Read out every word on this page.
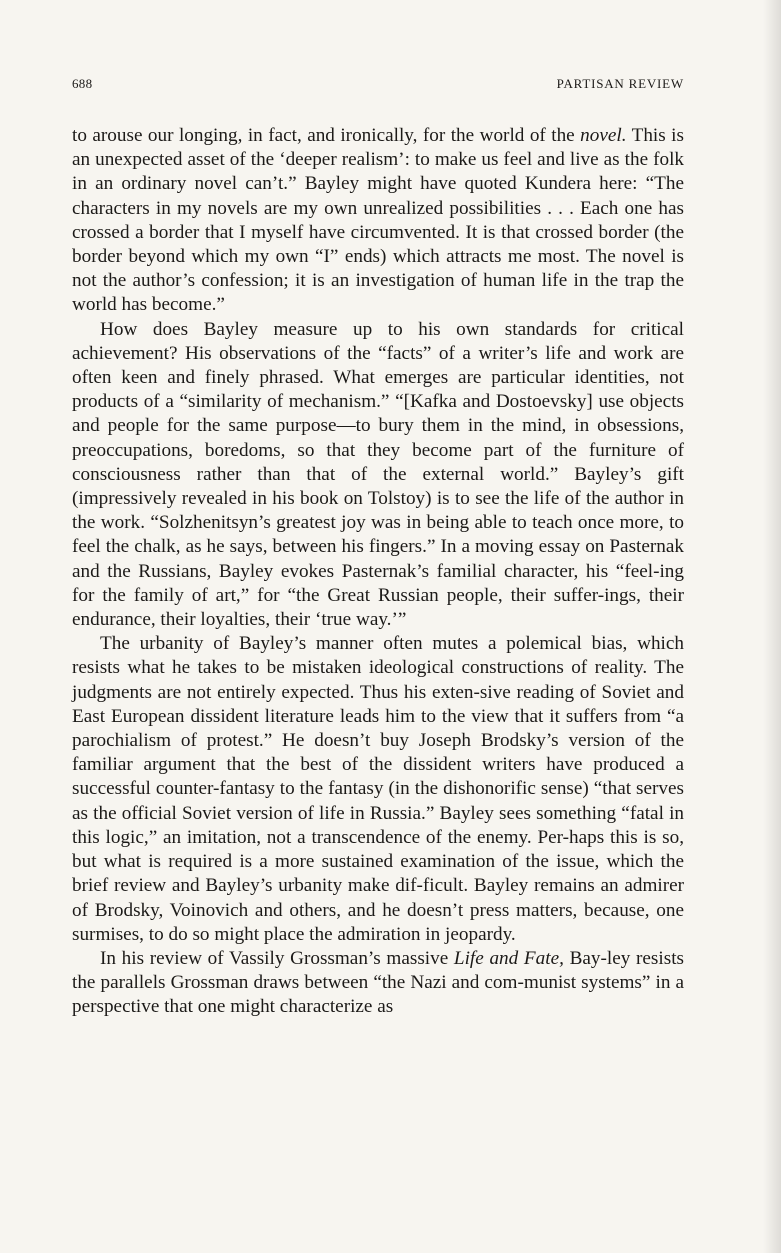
688	PARTISAN REVIEW

to arouse our longing, in fact, and ironically, for the world of the novel. This is an unexpected asset of the ‘deeper realism’: to make us feel and live as the folk in an ordinary novel can’t.” Bayley might have quoted Kundera here: “The characters in my novels are my own unrealized possibilities . . . Each one has crossed a border that I myself have circumvented. It is that crossed border (the border beyond which my own “I” ends) which attracts me most. The novel is not the author’s confession; it is an investigation of human life in the trap the world has become.”

How does Bayley measure up to his own standards for critical achievement? His observations of the “facts” of a writer’s life and work are often keen and finely phrased. What emerges are particular identities, not products of a “similarity of mechanism.” “[Kafka and Dostoevsky] use objects and people for the same purpose—to bury them in the mind, in obsessions, preoccupations, boredoms, so that they become part of the furniture of consciousness rather than that of the external world.” Bayley’s gift (impressively revealed in his book on Tolstoy) is to see the life of the author in the work. “Solzhenitsyn’s greatest joy was in being able to teach once more, to feel the chalk, as he says, between his fingers.” In a moving essay on Pasternak and the Russians, Bayley evokes Pasternak’s familial character, his “feel-ing for the family of art,” for “the Great Russian people, their suffer-ings, their endurance, their loyalties, their ‘true way.’”

The urbanity of Bayley’s manner often mutes a polemical bias, which resists what he takes to be mistaken ideological constructions of reality. The judgments are not entirely expected. Thus his exten-sive reading of Soviet and East European dissident literature leads him to the view that it suffers from “a parochialism of protest.” He doesn’t buy Joseph Brodsky’s version of the familiar argument that the best of the dissident writers have produced a successful counter-fantasy to the fantasy (in the dishonorific sense) “that serves as the official Soviet version of life in Russia.” Bayley sees something “fatal in this logic,” an imitation, not a transcendence of the enemy. Per-haps this is so, but what is required is a more sustained examination of the issue, which the brief review and Bayley’s urbanity make dif-ficult. Bayley remains an admirer of Brodsky, Voinovich and others, and he doesn’t press matters, because, one surmises, to do so might place the admiration in jeopardy.

In his review of Vassily Grossman’s massive Life and Fate, Bay-ley resists the parallels Grossman draws between “the Nazi and com-munist systems” in a perspective that one might characterize as
